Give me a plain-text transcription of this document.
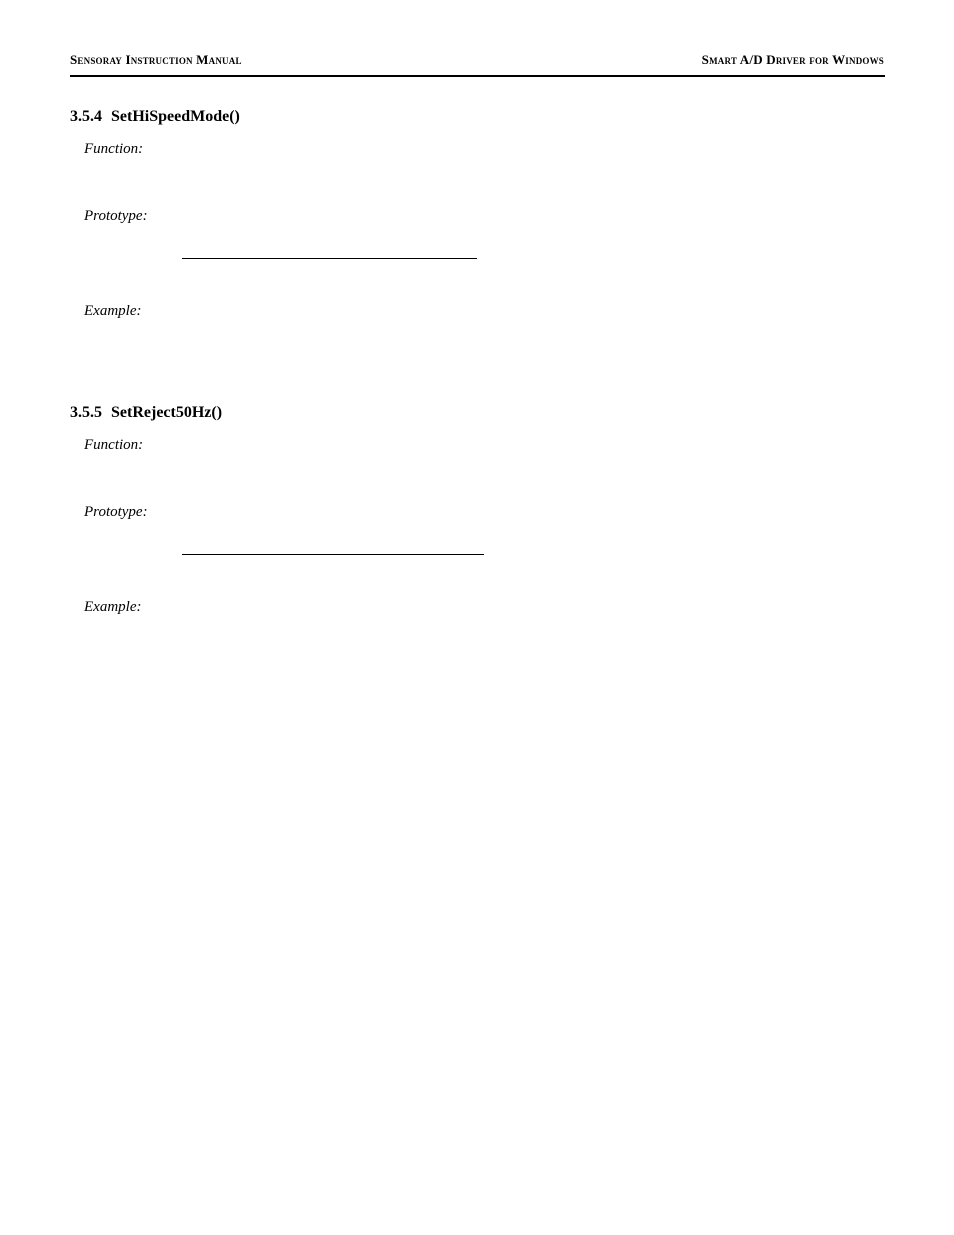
Sensoray Instruction Manual	Smart A/D Driver for Windows
3.5.4 SetHiSpeedMode()
Function:
Prototype:
Example:
3.5.5 SetReject50Hz()
Function:
Prototype:
Example:
